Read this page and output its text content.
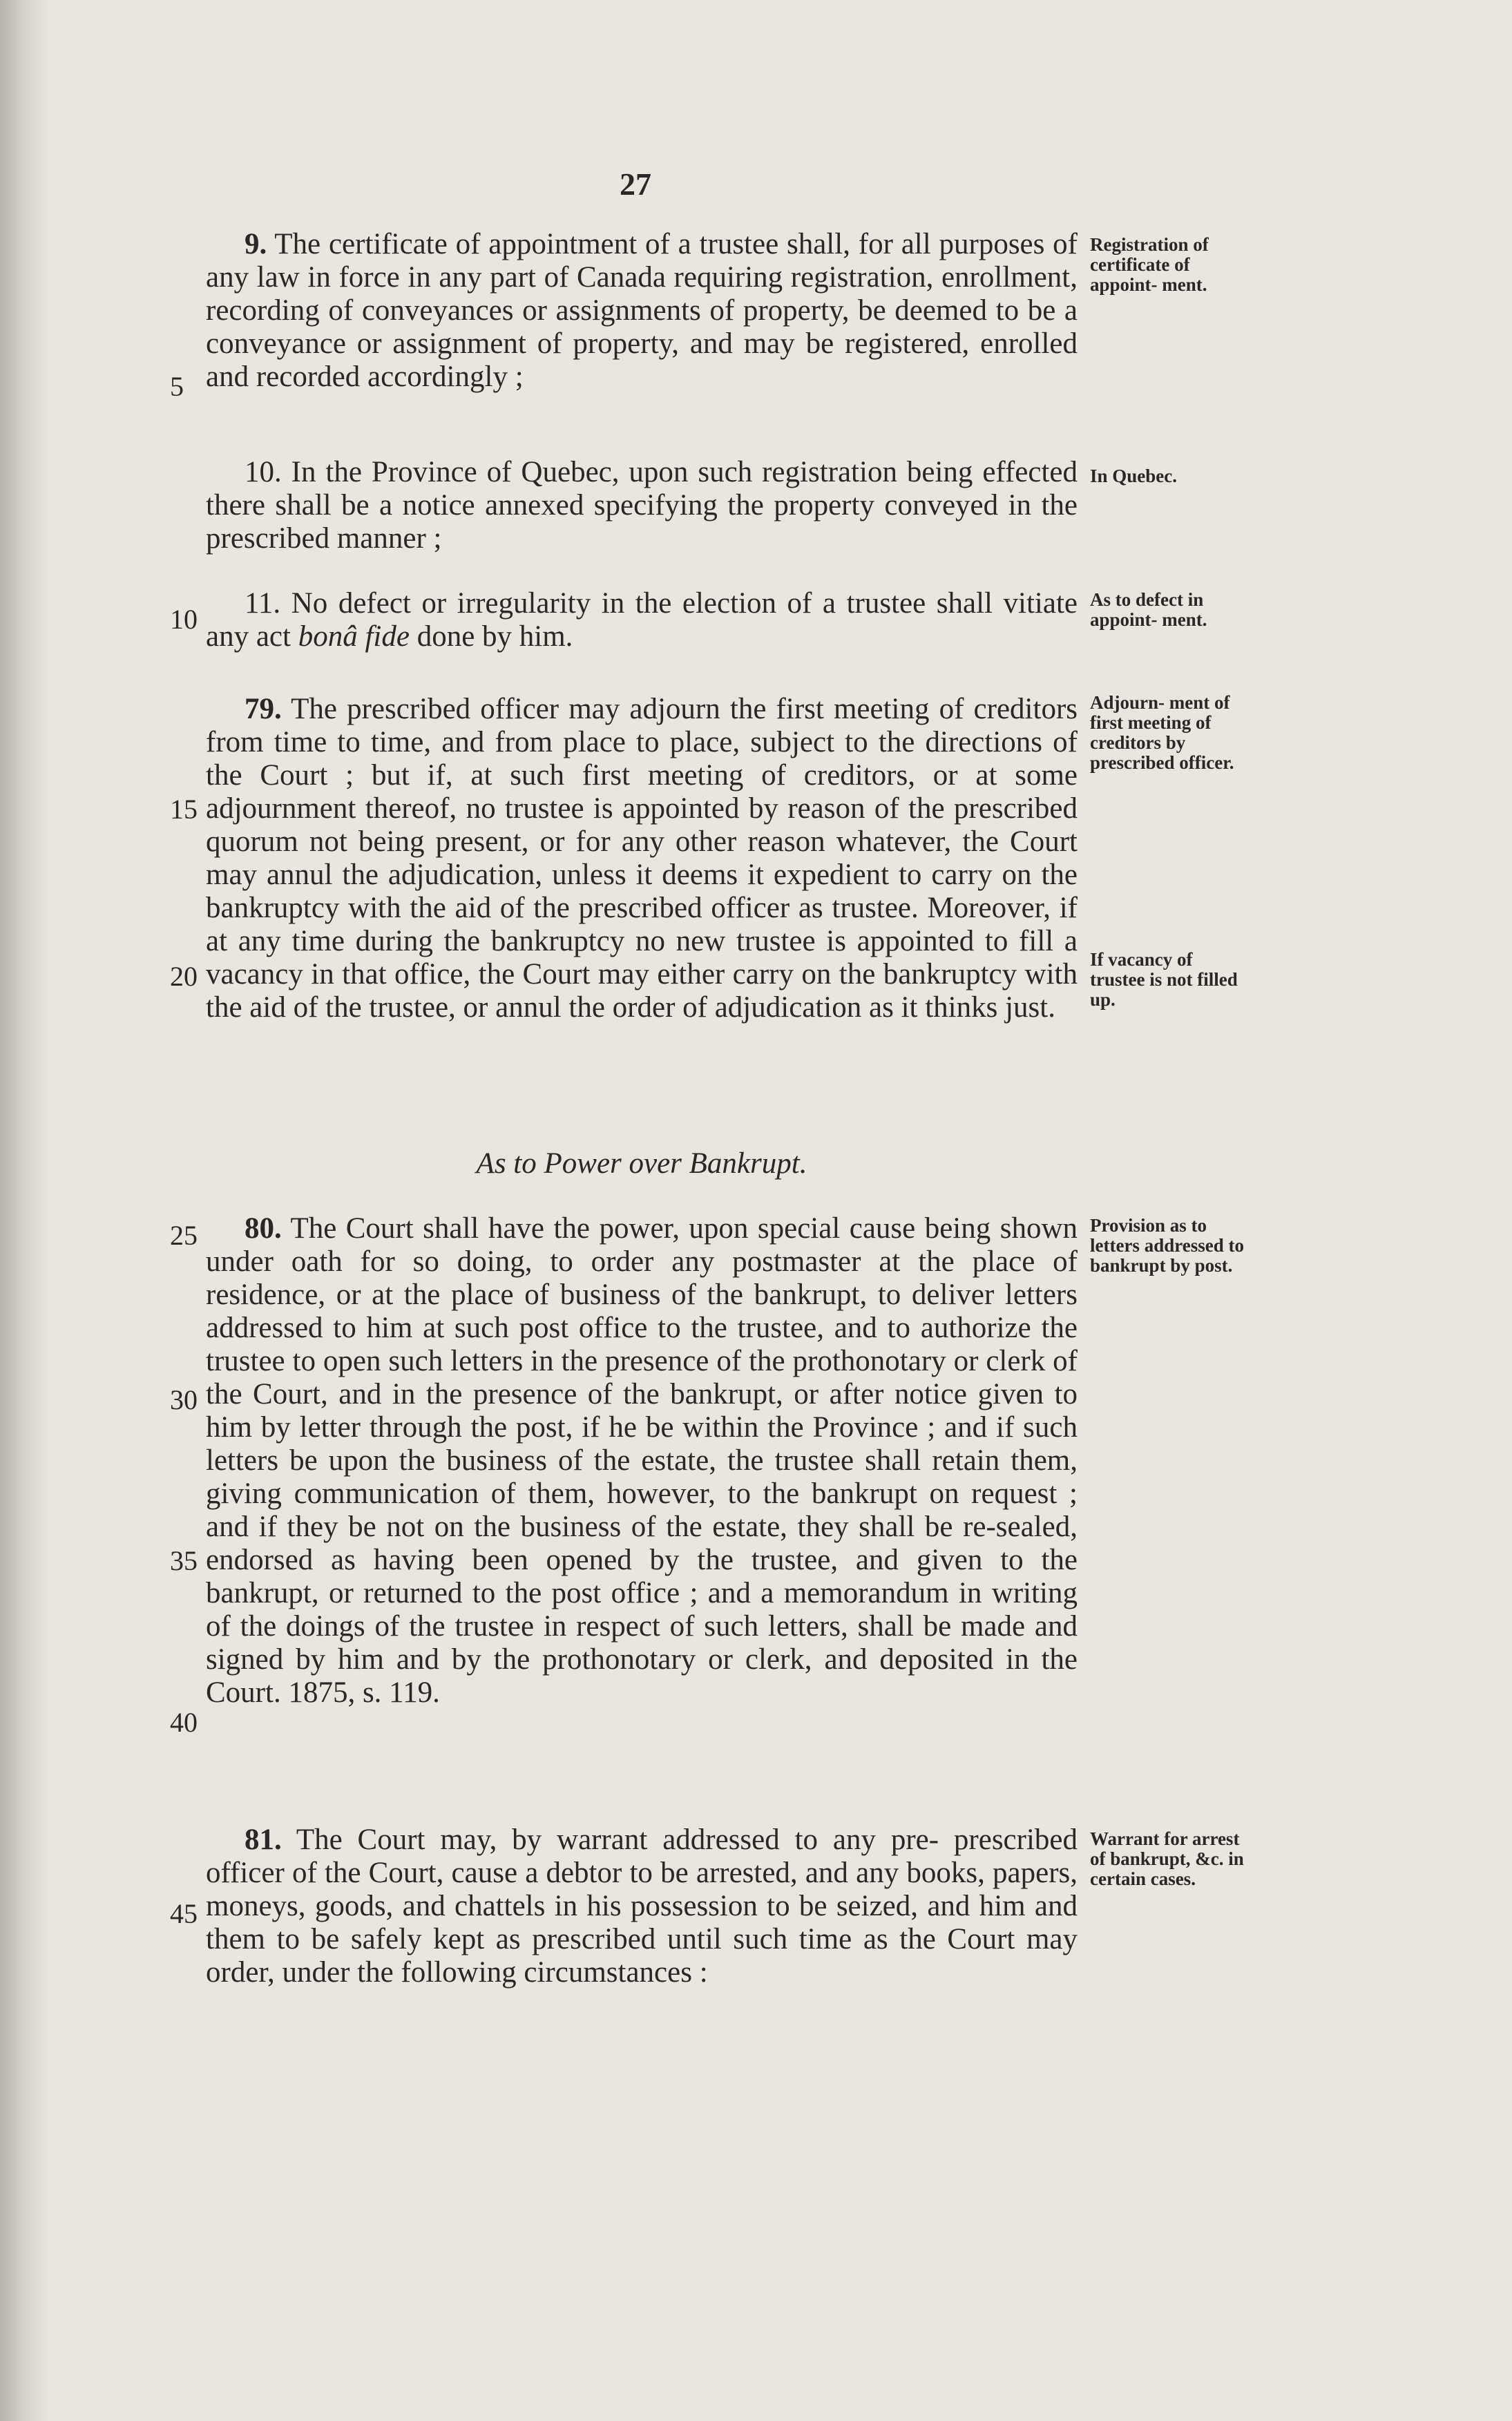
27

9. The certificate of appointment of a trustee shall, for all purposes of any law in force in any part of Canada requiring registration, enrollment, recording of conveyances or assignments of property, be deemed to be a conveyance or assignment of property, and may be registered, enrolled and recorded accordingly ;

10. In the Province of Quebec, upon such registration being effected there shall be a notice annexed specifying the property conveyed in the prescribed manner ;

11. No defect or irregularity in the election of a trustee shall vitiate any act bonâ fide done by him.

79. The prescribed officer may adjourn the first meeting of creditors from time to time, and from place to place, subject to the directions of the Court ; but if, at such first meeting of creditors, or at some adjournment thereof, no trustee is appointed by reason of the prescribed quorum not being present, or for any other reason whatever, the Court may annul the adjudication, unless it deems it expedient to carry on the bankruptcy with the aid of the prescribed officer as trustee. Moreover, if at any time during the bankruptcy no new trustee is appointed to fill a vacancy in that office, the Court may either carry on the bankruptcy with the aid of the trustee, or annul the order of adjudication as it thinks just.

As to Power over Bankrupt.

80. The Court shall have the power, upon special cause being shown under oath for so doing, to order any postmaster at the place of residence, or at the place of business of the bankrupt, to deliver letters addressed to him at such post office to the trustee, and to authorize the trustee to open such letters in the presence of the prothonotary or clerk of the Court, and in the presence of the bankrupt, or after notice given to him by letter through the post, if he be within the Province ; and if such letters be upon the business of the estate, the trustee shall retain them, giving communication of them, however, to the bankrupt on request ; and if they be not on the business of the estate, they shall be re-sealed, endorsed as having been opened by the trustee, and given to the bankrupt, or returned to the post office ; and a memorandum in writing of the doings of the trustee in respect of such letters, shall be made and signed by him and by the prothonotary or clerk, and deposited in the Court. 1875, s. 119.

81. The Court may, by warrant addressed to any pre- prescribed officer of the Court, cause a debtor to be arrested, and any books, papers, moneys, goods, and chattels in his possession to be seized, and him and them to be safely kept as prescribed until such time as the Court may order, under the following circumstances :

5
10
15
20
25
30
35
40
45
Registration of certificate of appoint- ment.
In Quebec.
As to defect in appoint- ment.
Adjourn- ment of first meeting of creditors by prescribed officer.
If vacancy of trustee is not filled up.
Provision as to letters addressed to bankrupt by post.
Warrant for arrest of bankrupt, &c. in certain cases.
